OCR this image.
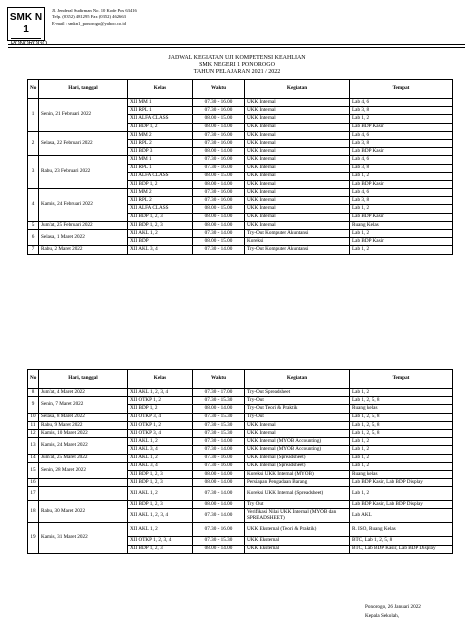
SMK N 1
PONOROGO
Jl. Jenderal Sudirman No. 10 Kode Pos 63416
Telp. (0352) 481295 Fax (0352) 462663
E-mail : smkn1_ponorogo@yahoo.co.id
JADWAL KEGIATAN UJI KOMPETENSI KEAHLIAN
SMK NEGERI 1 PONOROGO
TAHUN PELAJARAN 2021 / 2022
No	Hari, tanggal	Kelas	Waktu	Kegiatan	Tempat
1	Senin, 21 Februari 2022	XII MM 1	07.30 - 16.00	UKK Internal	Lab 4, 6
		XII RPL 1	07.30 - 16.00	UKK Internal	Lab 3, 8
		XII ALFA CLASS	08.00 - 15.00	UKK Internal	Lab 1, 2
		XII BDP 1, 2	08.00 - 14.00	UKK Internal	Lab BDP Kasir
2	Selasa, 22 Februari 2022	XII MM 2	07.30 - 16.00	UKK Internal	Lab 4, 6
		XII RPL 2	07.30 - 16.00	UKK Internal	Lab 3, 8
		XII BDP 3	08.00 - 14.00	UKK Internal	Lab BDP Kasir
3	Rabu, 23 Februari 2022	XII MM 1	07.30 - 16.00	UKK Internal	Lab 4, 6
		XII RPL 1	07.30 - 16.00	UKK Internal	Lab 3, 8
		XII ALFA CLASS	08.00 - 15.00	UKK Internal	Lab 1, 2
		XII BDP 1, 2	08.00 - 14.00	UKK Internal	Lab BDP Kasir
4	Kamis, 24 Februari 2022	XII MM 2	07.30 - 16.00	UKK Internal	Lab 4, 6
		XII RPL 2	07.30 - 16.00	UKK Internal	Lab 3, 8
		XII ALFA CLASS	08.00 - 15.00	UKK Internal	Lab 1, 2
		XII BDP 1, 2, 3	08.00 - 14.00	UKK Internal	Lab BDP Kasir
5	Jum'at, 25 Februari 2022	XII BDP 1, 2, 3	08.00 - 14.00	UKK Internal	Ruang Kelas
6	Selasa, 1 Maret 2022	XII AKL 1, 2	07.30 - 14.00	Try-Out Komputer Akuntansi	Lab 1, 2
		XII BDP	08.00 - 15.00	Koreksi	Lab BDP Kasir
7	Rabu, 2 Maret 2022	XII AKL 3, 4	07.30 - 14.00	Try-Out Komputer Akuntansi	Lab 1, 2
No	Hari, tanggal	Kelas	Waktu	Kegiatan	Tempat
8	Jum'at, 4 Maret 2022	XII AKL 1, 2, 3, 4	07.30 - 17.00	Try-Out Spreadsheet	Lab 1, 2
9	Senin, 7 Maret 2022	XII OTKP 1, 2	07.30 - 15.30	Try-Out	Lab 1, 2, 5, 8
		XII BDP 1, 2	08.00 - 14.00	Try-Out Teori & Praktik	Ruang kelas
10	Selasa, 8 Maret 2022	XII OTKP 3, 4	07.30 - 15.30	Try-Out	Lab 1, 2, 5, 8
11	Rabu, 9 Maret 2022	XII OTKP 1, 2	07.30 - 15.30	UKK Internal	Lab 1, 2, 5, 8
12	Kamis, 10 Maret 2022	XII OTKP 3, 4	07.30 - 15.30	UKK Internal	Lab 1, 2, 5, 8
13	Kamis, 24 Maret 2022	XII AKL 1, 2	07.30 - 14.00	UKK Internal (MYOB Accounting)	Lab 1, 2
		XII AKL 3, 4	07.30 - 14.00	UKK Internal (MYOB Accounting)	Lab 1, 2
14	Jum'at, 25 Maret 2022	XII AKL 1, 2	07.30 - 16.00	UKK Internal (Spreadsheet)	Lab 1, 2
15	Senin, 28 Maret 2022	XII AKL 3, 4	07.30 - 16.00	UKK Internal (Spreadsheet)	Lab 1, 2
		XII BDP 1, 2, 3	08.00 - 14.00	Koreksi UKK Internal (MYOB)	Ruang kelas
16		XII BDP 1, 2, 3	08.00 - 14.00	Persiapan Pengadaan Barang	Lab BDP Kasir, Lab BDP Display
17		XII AKL 1, 2	07.30 - 14.00	Koreksi UKK Internal (Spreadsheet)	Lab 1, 2
18	Rabu, 30 Maret 2022	XII BDP 1, 2, 3	08.00 - 14.00	Try Out	Lab BDP Kasir, Lab BDP Display
		XII AKL 1, 2, 3, 4	07.30 - 14.00	Verifikasi Nilai UKK Internal (MYOB dan SPREADSHEET)	Lab AKL
19	Kamis, 31 Maret 2022	XII AKL 1, 2	07.30 - 16.00	UKK Eksternal (Teori & Praktik)	R. ISO, Ruang Kelas
		XII OTKP 1, 2, 3, 4	07.30 - 15.30	UKK Eksternal	BTC, Lab 1, 2, 5, 8
		XII BDP 1, 2, 3	08.00 - 14.00	UKK Eksternal	BTC, Lab BDP Kasir, Lab BDP Display
Ponorogo, 26 Januari 2022
Kepala Sekolah,
